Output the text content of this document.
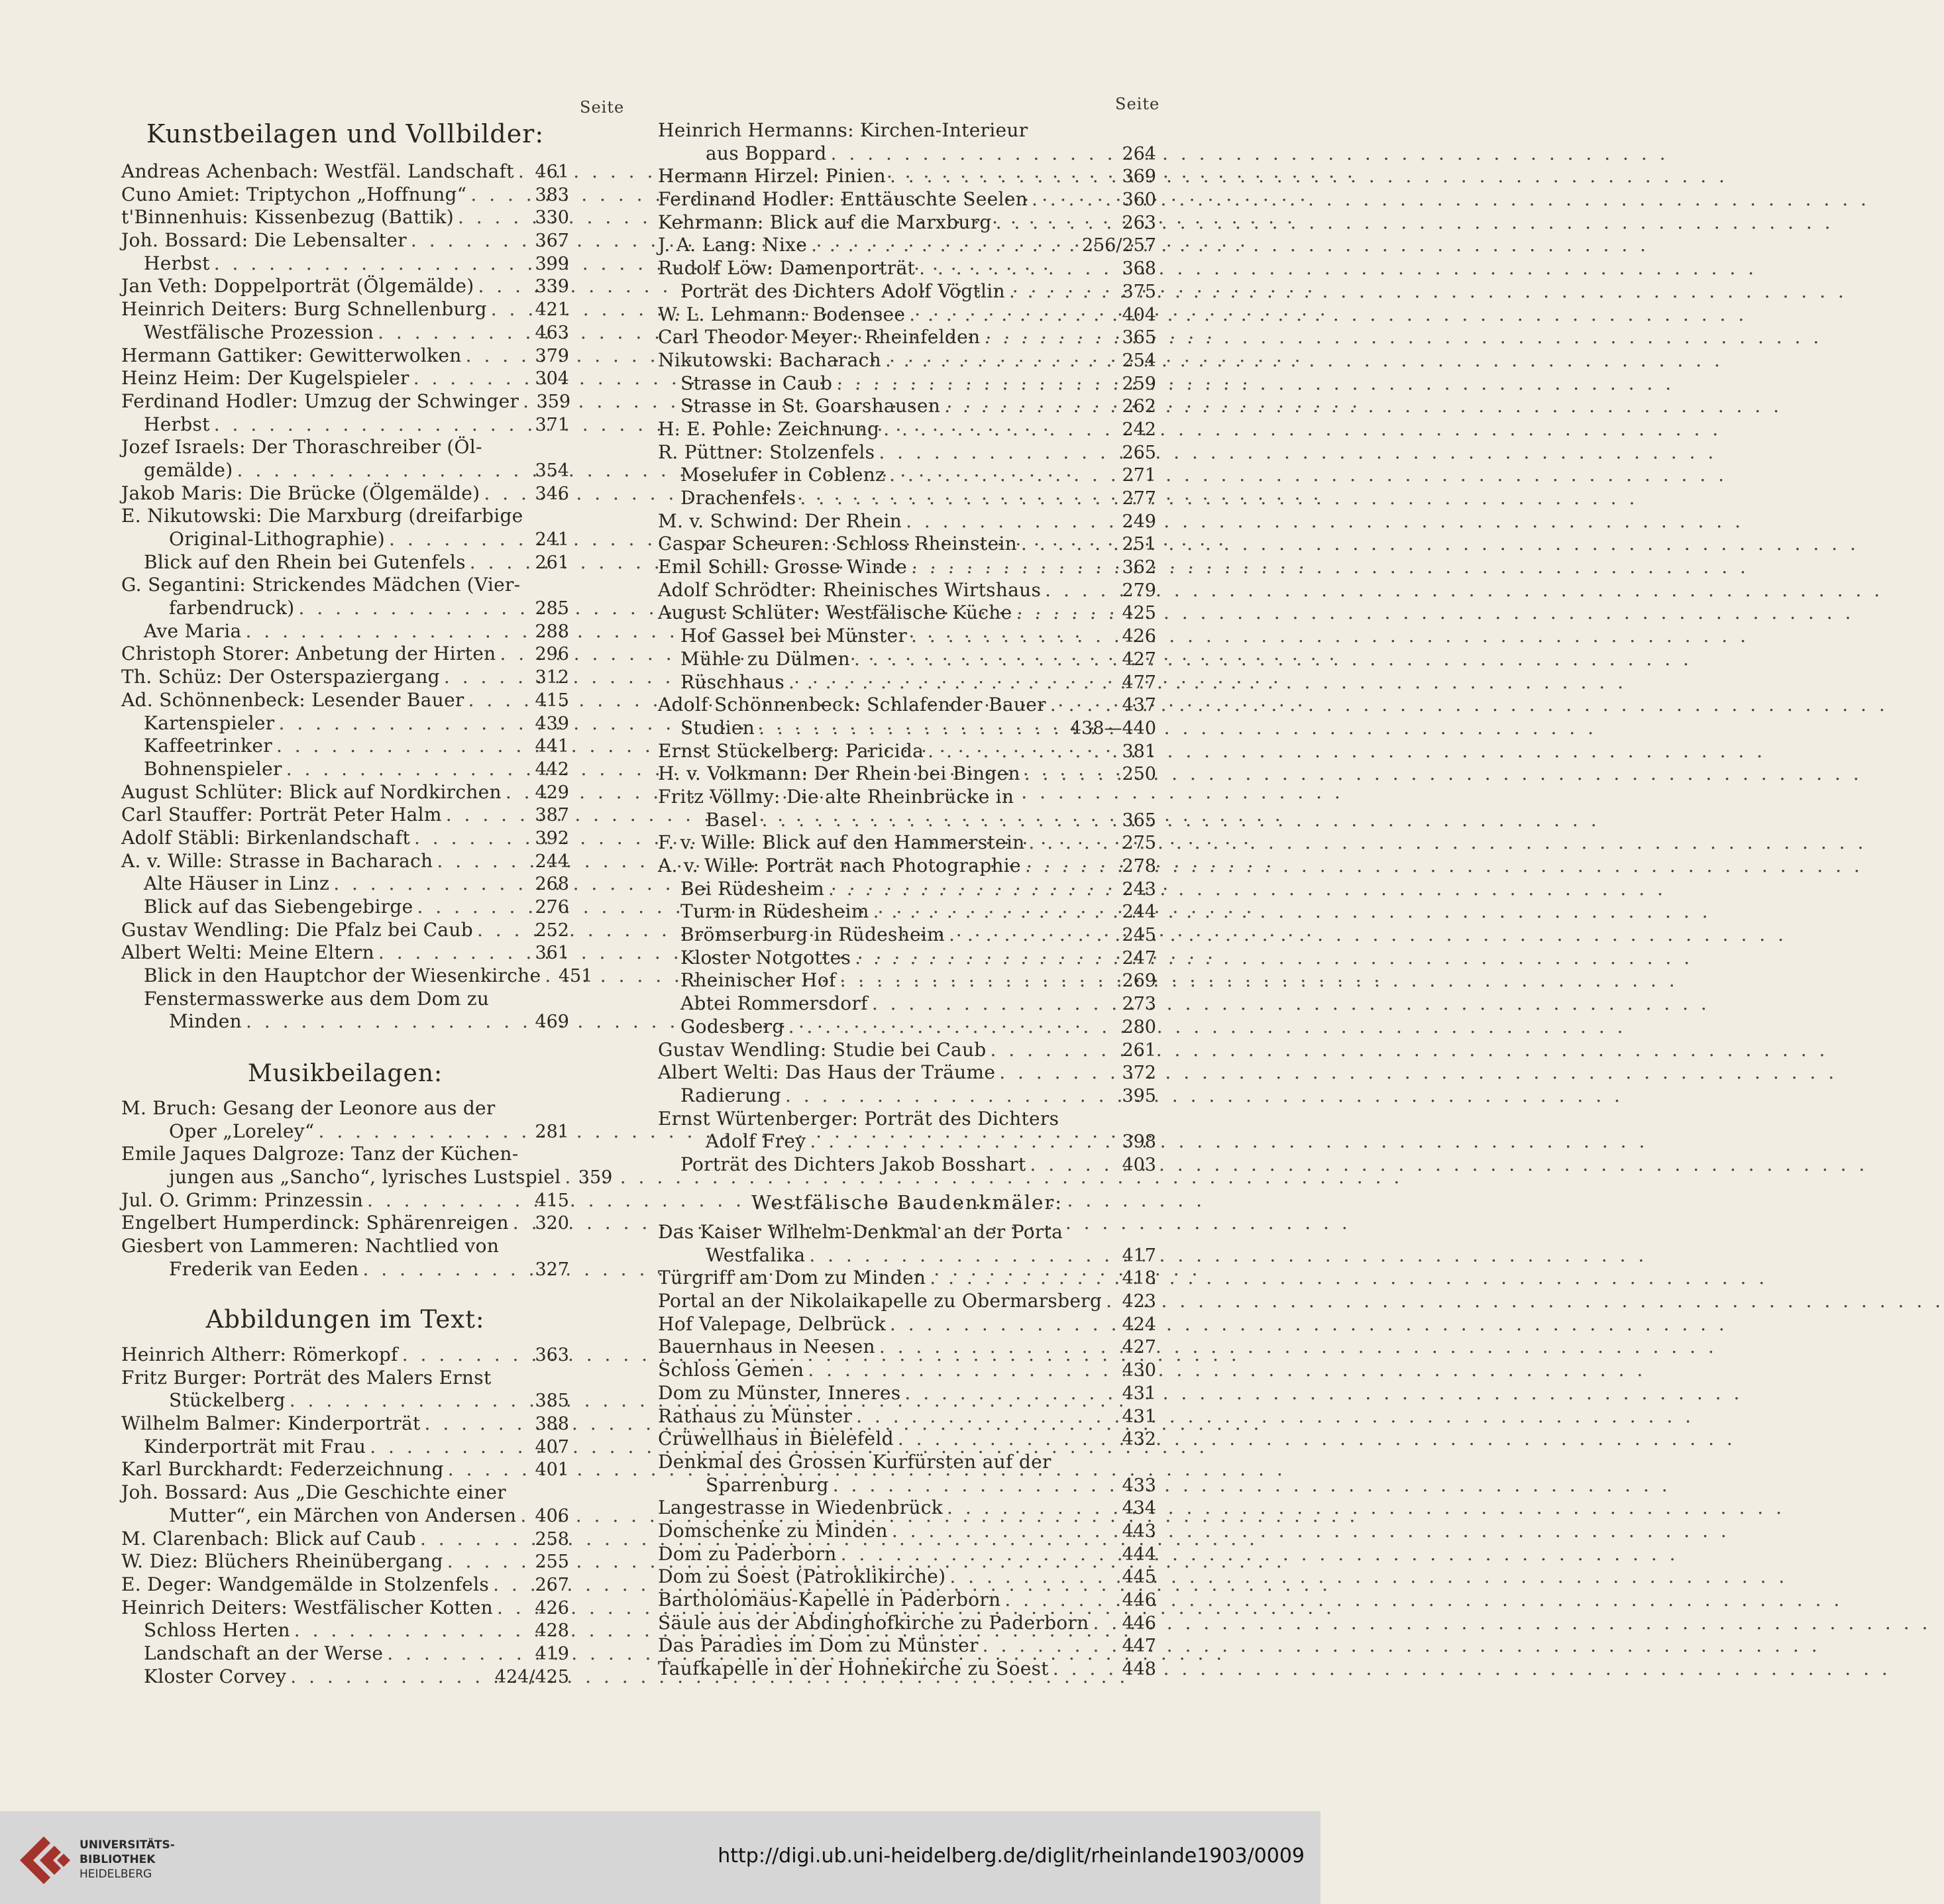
Seite
Kunstbeilagen und Vollbilder:
Andreas Achenbach: Westfäl. Landschaft . . . 461
Cuno Amiet: Triptychon „Hoffnung“ . . .	383
t'Binnenhuis: Kissenbezug (Battik) . . .	330
Joh. Bossard: Die Lebensalter . . .	367
Herbst . . .	399
Jan Veth: Doppelporträt (Ölgemälde) . . .	339
Heinrich Deiters: Burg Schnellenburg . . .	421
Westfälische Prozession . . .	463
Hermann Gattiker: Gewitterwolken . . .	379
Heinz Heim: Der Kugelspieler . . .	304
Ferdinand Hodler: Umzug der Schwinger . . . 359
Herbst . . .	371
Jozef Israels: Der Thoraschreiber (Öl-
gemälde) . . .	354
Jakob Maris: Die Brücke (Ölgemälde) . . .	346
E. Nikutowski: Die Marxburg (dreifarbige
Original-Lithographie) . . .	241
Blick auf den Rhein bei Gutenfels . . .	261
G. Segantini: Strickendes Mädchen (Vier-
farbendruck) . . .	285
Ave Maria . . .	288
Christoph Storer: Anbetung der Hirten . . . 296
Th. Schüz: Der Osterspaziergang . . .	312
Ad. Schönnenbeck: Lesender Bauer . . .	415
Kartenspieler . . .	439
Kaffeetrinker . . .	441
Bohnenspieler . . .	442
August Schlüter: Blick auf Nordkirchen . . . 429
Carl Stauffer: Porträt Peter Halm . . .	387
Adolf Stäbli: Birkenlandschaft . . .	392
A. v. Wille: Strasse in Bacharach . . .	244
Alte Häuser in Linz . . .	268
Blick auf das Siebengebirge . . .	276
Gustav Wendling: Die Pfalz bei Caub . . .	252
Albert Welti: Meine Eltern . . .	361
Blick in den Hauptchor der Wiesenkirche . . . 451
Fenstermasswerke aus dem Dom zu
Minden . . .	469
Musikbeilagen:
M. Bruch: Gesang der Leonore aus der
Oper „Loreley“ . . .	281
Emile Jaques Dalgroze: Tanz der Küchen-
jungen aus „Sancho“, lyrisches Lustspiel . . . 359
Jul. O. Grimm: Prinzessin . . .	415
Engelbert Humperdinck: Sphärenreigen . . . 320
Giesbert von Lammeren: Nachtlied von
Frederik van Eeden . . .	327
Abbildungen im Text:
Heinrich Altherr: Römerkopf . . .	363
Fritz Burger: Porträt des Malers Ernst
Stückelberg . . .	385
Wilhelm Balmer: Kinderporträt . . .	388
Kinderporträt mit Frau . . .	407
Karl Burckhardt: Federzeichnung . . .	401
Joh. Bossard: Aus „Die Geschichte einer
Mutter“, ein Märchen von Andersen . . . 406
M. Clarenbach: Blick auf Caub . . .	258
W. Diez: Blüchers Rheinübergang . . .	255
E. Deger: Wandgemälde in Stolzenfels . . .	267
Heinrich Deiters: Westfälischer Kotten . . . 426
Schloss Herten . . .	428
Landschaft an der Werse . . .	419
Kloster Corvey . . .	424/425
Seite
Heinrich Hermanns: Kirchen-Interieur
aus Boppard . . .	264
Hermann Hirzel: Pinien . . .	369
Ferdinand Hodler: Enttäuschte Seelen . . .	360
Kehrmann: Blick auf die Marxburg . . .	263
J. A. Lang: Nixe . . .	256/257
Rudolf Löw: Damenporträt . . .	368
Porträt des Dichters Adolf Vögtlin . . .	375
W. L. Lehmann: Bodensee . . .	404
Carl Theodor Meyer: Rheinfelden . . .	365
Nikutowski: Bacharach . . .	254
Strasse in Caub . . .	259
Strasse in St. Goarshausen . . .	262
H. E. Pohle: Zeichnung . . .	242
R. Püttner: Stolzenfels . . .	265
Moselufer in Coblenz . . .	271
Drachenfels . . .	277
M. v. Schwind: Der Rhein . . .	249
Caspar Scheuren: Schloss Rheinstein . . .	251
Emil Schill: Grosse Winde . . .	362
Adolf Schrödter: Rheinisches Wirtshaus . . .	279
August Schlüter: Westfälische Küche . . .	425
Hof Gassel bei Münster . . .	426
Mühle zu Dülmen . . .	427
Rüschhaus . . .	477
Adolf Schönnenbeck: Schlafender Bauer . . .	437
Studien . . .	438—440
Ernst Stückelberg: Paricida . . .	381
H. v. Volkmann: Der Rhein bei Bingen . . .	250
Fritz Völlmy: Die alte Rheinbrücke in
Basel . . .	365
F. v. Wille: Blick auf den Hammerstein . . .	275
A. v. Wille: Porträt nach Photographie . . .	278
Bei Rüdesheim . . .	243
Turm in Rüdesheim . . .	244
Brömserburg in Rüdesheim . . .	245
Kloster Notgottes . . .	247
Rheinischer Hof . . .	269
Abtei Rommersdorf . . .	273
Godesberg . . .	280
Gustav Wendling: Studie bei Caub . . .	261
Albert Welti: Das Haus der Träume . . .	372
Radierung . . .	395
Ernst Würtenberger: Porträt des Dichters
Adolf Frey . . .	398
Porträt des Dichters Jakob Bosshart . . .	403
Westfälische Baudenkmäler:
Das Kaiser Wilhelm-Denkmal an der Porta
Westfalika . . .	417
Türgriff am Dom zu Minden . . .	418
Portal an der Nikolaikapelle zu Obermarsberg . . . 423
Hof Valepage, Delbrück . . .	424
Bauernhaus in Neesen . . .	427
Schloss Gemen . . .	430
Dom zu Münster, Inneres . . .	431
Rathaus zu Münster . . .	431
Crüwellhaus in Bielefeld . . .	432
Denkmal des Grossen Kurfürsten auf der
Sparrenburg . . .	433
Langestrasse in Wiedenbrück . . .	434
Domschenke zu Minden . . .	443
Dom zu Paderborn . . .	444
Dom zu Soest (Patroklikirche) . . .	445
Bartholomäus-Kapelle in Paderborn . . .	446
Säule aus der Abdinghofkirche zu Paderborn . . . 446
Das Paradies im Dom zu Münster . . .	447
Taufkapelle in der Hohnekirche zu Soest . . .	448
UNIVERSITÄTS-
BIBLIOTHEK
HEIDELBERG
http://digi.ub.uni-heidelberg.de/diglit/rheinlande1903/0009
